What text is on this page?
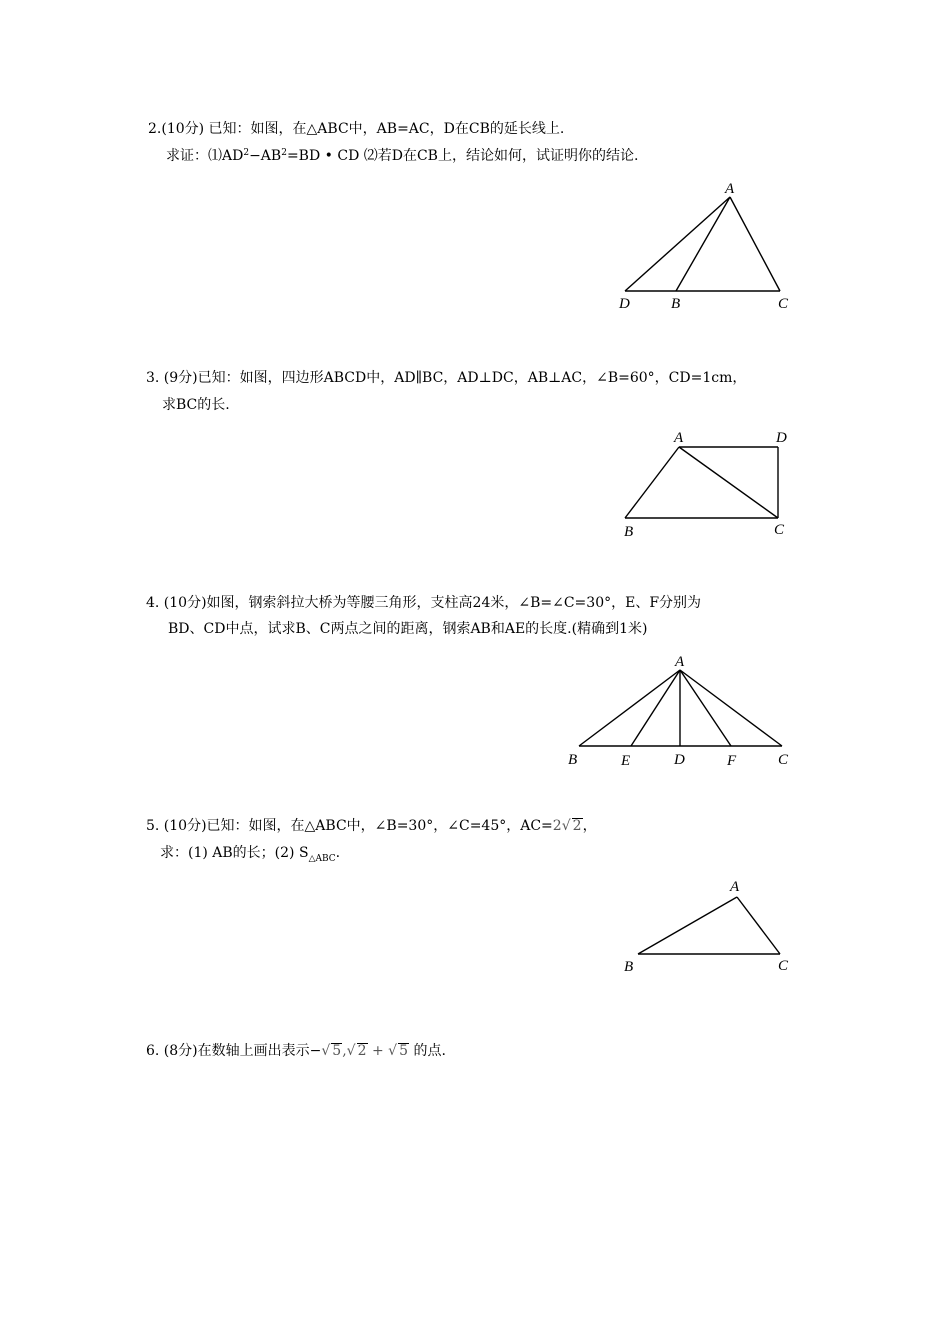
2.(10分) 已知：如图，在△ABC中，AB=AC，D在CB的延长线上.
求证：$⑴AD^2-AB^2=BD$ • CD ⑵若D在CB上，结论如何，试证明你的结论.
A
D	B	C
3. (9分)已知：如图，四边形ABCD中，AD∥BC，AD⊥DC，AB⊥AC，∠B=60°，CD=1cm，
求BC的长.
A	D
B	C
4. (10分)如图，钢索斜拉大桥为等腰三角形，支柱高24米，∠B=∠C=30°，E、F分别为
BD、CD中点，试求B、C两点之间的距离，钢索AB和AE的长度.(精确到1米)
A
B	E	D	F	C
5. (10分)已知：如图，在△ABC中，∠B=30°，∠C=45°，AC=2√ 2，
求：(1) AB的长；(2) $S_{\triangle ABC}$.
A
B	C
6. (8分)在数轴上画出表示−√ 5,√ 2 + √ 5 的点.
